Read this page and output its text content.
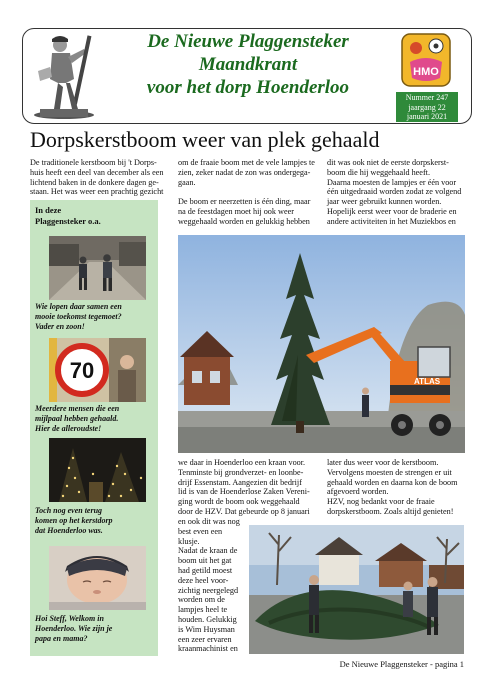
De Nieuwe Plaggensteker
Maandkrant
voor het dorp Hoenderloo
HMO
Nummer 247
jaargang 22
januari 2021
Dorpskerstboom weer van plek gehaald
De traditionele kerstboom bij 't Dorps-
huis heeft een deel van december als een
lichtend baken in de donkere dagen ge-
staan. Het was weer een prachtig gezicht
om de fraaie boom met de vele lampjes te
zien, zeker nadat de zon was ondergega-
gaan.
De boom er neerzetten is één ding, maar
na de feestdagen moet hij ook weer
weggehaald worden en gelukkig hebben
dit was ook niet de eerste dorpskerst-
boom die hij weggehaald heeft.
Daarna moesten de lampjes er één voor
één uitgedraaid worden zodat ze volgend
jaar weer gebruikt kunnen worden.
Hopelijk eerst weer voor de braderie en
andere activiteiten in het Muziekbos en
In deze
Plaggensteker o.a.
Wie lopen daar samen een
mooie toekomst tegemoet?
Vader en zoon!
70
Meerdere mensen die een
mijlpaal hebben gehaald.
Hier de alleroudste!
Toch nog even terug
komen op het kerstdorp
dat Hoenderloo was.
Hoi Steff, Welkom in
Hoenderloo. Wie zijn je
papa en mama?
ATLAS
we daar in Hoenderloo een kraan voor.
Tenminste bij grondverzet- en loonbe-
drijf Essenstam. Aangezien dit bedrijf
lid is van de Hoenderlose Zaken Vereni-
ging wordt de boom ook weggehaald
door de HZV. Dat gebeurde op 8 januari
en ook dit was nog
best even een
klusje.
Nadat de kraan de
boom uit het gat
had getild moest
deze heel voor-
zichtig neergelegd
worden om de
lampjes heel te
houden. Gelukkig
is Wim Huysman
een zeer ervaren
kraanmachinist en
later dus weer voor de kerstboom.
Vervolgens moesten de strengen er uit
gehaald worden en daarna kon de boom
afgevoerd worden.
HZV, nog bedankt voor de fraaie
dorpskerstboom. Zoals altijd genieten!
De Nieuwe Plaggensteker - pagina 1
